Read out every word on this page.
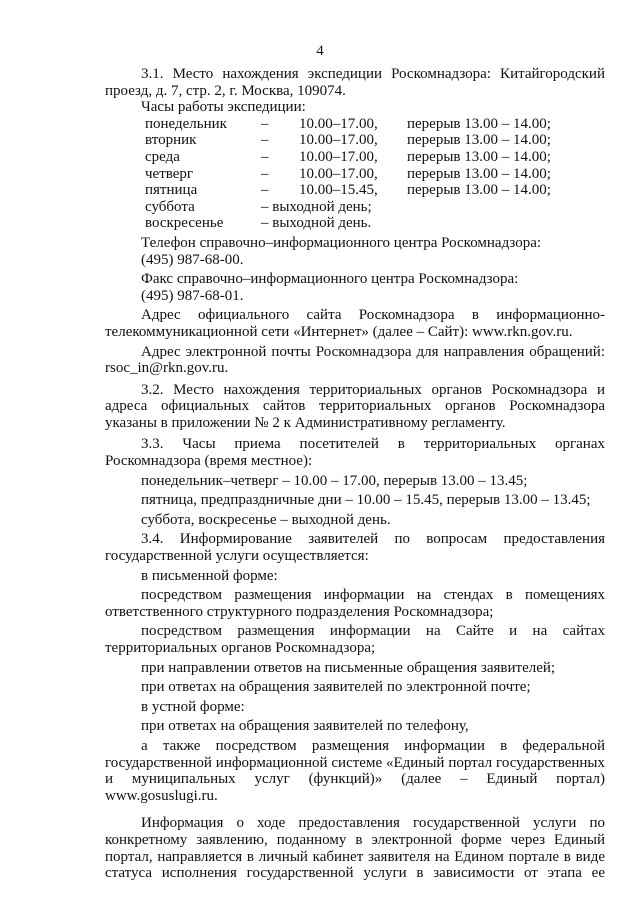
4

3.1. Место нахождения экспедиции Роскомнадзора: Китайгородский проезд, д. 7, стр. 2, г. Москва, 109074.

Часы работы экспедиции:

понедельник	–	10.00–17.00,	перерыв 13.00 – 14.00;
вторник	–	10.00–17.00,	перерыв 13.00 – 14.00;
среда	–	10.00–17.00,	перерыв 13.00 – 14.00;
четверг	–	10.00–17.00,	перерыв 13.00 – 14.00;
пятница	–	10.00–15.45,	перерыв 13.00 – 14.00;
суббота	– выходной день;
воскресенье	– выходной день.

Телефон справочно–информационного центра Роскомнадзора:

(495) 987-68-00.

Факс справочно–информационного центра Роскомнадзора:

(495) 987-68-01.

Адрес официального сайта Роскомнадзора в информационно-телекоммуникационной сети «Интернет» (далее – Сайт): www.rkn.gov.ru.

Адрес электронной почты Роскомнадзора для направления обращений: rsoc_in@rkn.gov.ru.

3.2. Место нахождения территориальных органов Роскомнадзора и адреса официальных сайтов территориальных органов Роскомнадзора указаны в приложении № 2 к Административному регламенту.

3.3. Часы приема посетителей в территориальных органах Роскомнадзора (время местное):

понедельник–четверг – 10.00 – 17.00, перерыв 13.00 – 13.45;

пятница, предпраздничные дни – 10.00 – 15.45, перерыв 13.00 – 13.45;

суббота, воскресенье – выходной день.

3.4. Информирование заявителей по вопросам предоставления государственной услуги осуществляется:

в письменной форме:

посредством размещения информации на стендах в помещениях ответственного структурного подразделения Роскомнадзора;

посредством размещения информации на Сайте и на сайтах территориальных органов Роскомнадзора;

при направлении ответов на письменные обращения заявителей;

при ответах на обращения заявителей по электронной почте;

в устной форме:

при ответах на обращения заявителей по телефону,

а также посредством размещения информации в федеральной государственной информационной системе «Единый портал государственных и муниципальных услуг (функций)» (далее – Единый портал) www.gosuslugi.ru.

Информация о ходе предоставления государственной услуги по конкретному заявлению, поданному в электронной форме через Единый портал, направляется в личный кабинет заявителя на Едином портале в виде статуса исполнения государственной услуги в зависимости от этапа ее
